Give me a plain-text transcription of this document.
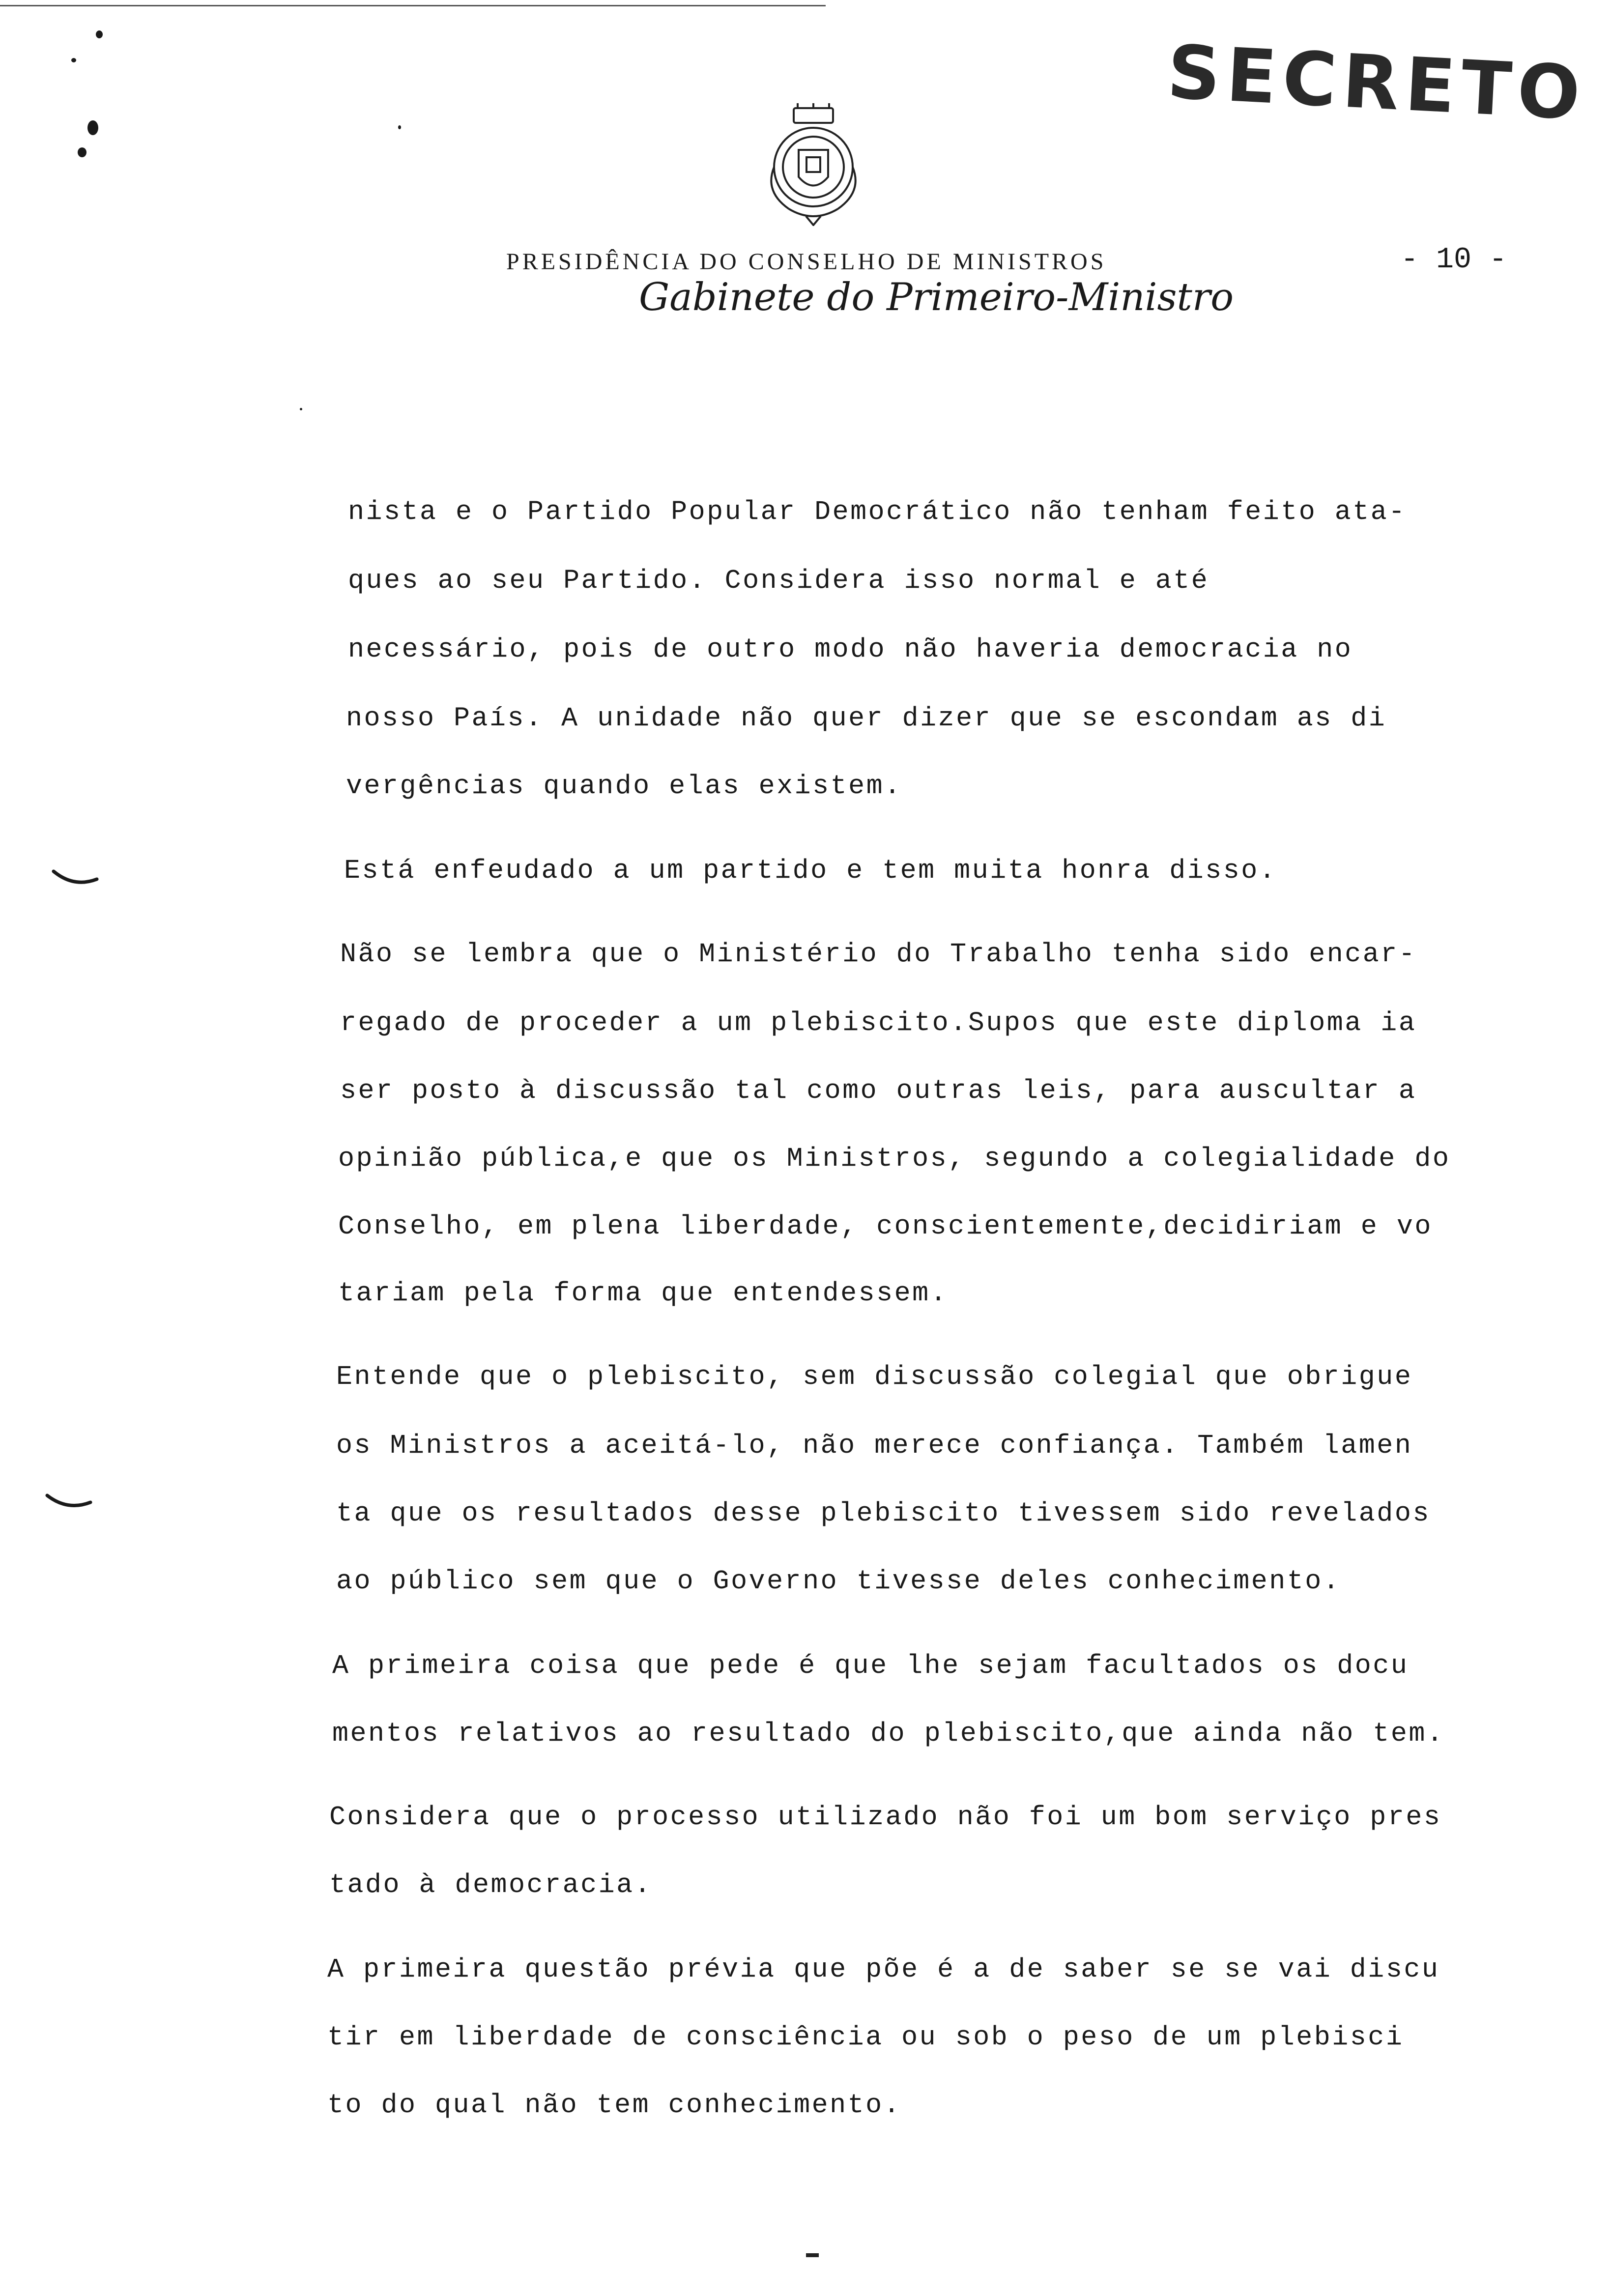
SECRETO
PRESIDÊNCIA DO CONSELHO DE MINISTROS
Gabinete do Primeiro-Ministro
- 10 -
nista e o Partido Popular Democrático não tenham feito ata-
ques ao seu Partido. Considera isso normal e até
necessário, pois de outro modo não haveria democracia no
nosso País. A unidade não quer dizer que se escondam as di
vergências quando elas existem.
Está enfeudado a um partido e tem muita honra disso.
Não se lembra que o Ministério do Trabalho tenha sido encar-
regado de proceder a um plebiscito.Supos que este diploma ia
ser posto à discussão tal como outras leis, para auscultar a
opinião pública,e que os Ministros, segundo a colegialidade do
Conselho, em plena liberdade, conscientemente,decidiriam e vo
tariam pela forma que entendessem.
Entende que o plebiscito, sem discussão colegial que obrigue
os Ministros a aceitá-lo, não merece confiança. Também lamen
ta que os resultados desse plebiscito tivessem sido revelados
ao público sem que o Governo tivesse deles conhecimento.
A primeira coisa que pede é que lhe sejam facultados os docu
mentos relativos ao resultado do plebiscito,que ainda não tem.
Considera que o processo utilizado não foi um bom serviço pres
tado à democracia.
A primeira questão prévia que põe é a de saber se se vai discu
tir em liberdade de consciência ou sob o peso de um plebisci
to do qual não tem conhecimento.
